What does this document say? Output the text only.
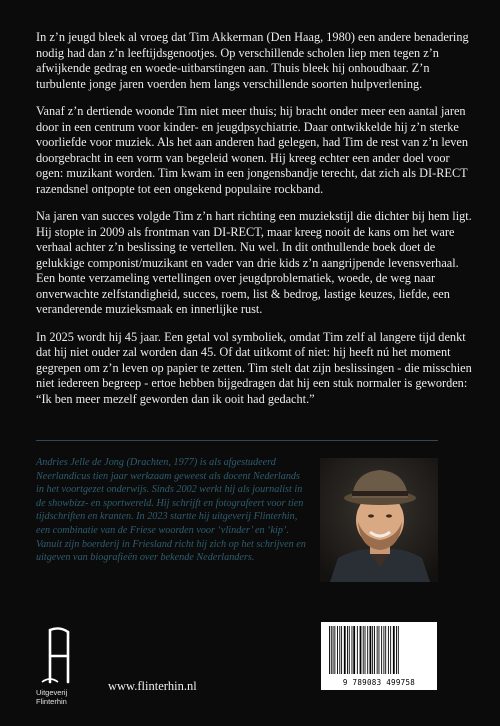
In z’n jeugd bleek al vroeg dat Tim Akkerman (Den Haag, 1980) een andere benadering nodig had dan z’n leeftijdsgenootjes. Op verschillende scholen liep men tegen z’n afwijkende gedrag en woede-uitbarstingen aan. Thuis bleek hij onhoudbaar. Z’n turbulente jonge jaren voerden hem langs verschillende soorten hulpverlening.

Vanaf z’n dertiende woonde Tim niet meer thuis; hij bracht onder meer een aantal jaren door in een centrum voor kinder- en jeugdpsychiatrie. Daar ontwikkelde hij z’n sterke voorliefde voor muziek. Als het aan anderen had gelegen, had Tim de rest van z’n leven doorgebracht in een vorm van begeleid wonen. Hij kreeg echter een ander doel voor ogen: muzikant worden. Tim kwam in een jongensbandje terecht, dat zich als DI-RECT razendsnel ontpopte tot een ongekend populaire rockband.

Na jaren van succes volgde Tim z’n hart richting een muziekstijl die dichter bij hem ligt. Hij stopte in 2009 als frontman van DI-RECT, maar kreeg nooit de kans om het ware verhaal achter z’n beslissing te vertellen. Nu wel. In dit onthullende boek doet de gelukkige componist/muzikant en vader van drie kids z’n aangrijpende levensverhaal. Een bonte verzameling vertellingen over jeugdproblematiek, woede, de weg naar onverwachte zelfstandigheid, succes, roem, list & bedrog, lastige keuzes, liefde, een veranderende muzieksmaak en innerlijke rust.

In 2025 wordt hij 45 jaar. Een getal vol symboliek, omdat Tim zelf al langere tijd denkt dat hij niet ouder zal worden dan 45. Of dat uitkomt of niet: hij heeft nú het moment gegrepen om z’n leven op papier te zetten. Tim stelt dat zijn beslissingen - die misschien niet iedereen begreep - ertoe hebben bijgedragen dat hij een stuk normaler is geworden: “Ik ben meer mezelf geworden dan ik ooit had gedacht.”

Andries Jelle de Jong (Drachten, 1977) is als afgestudeerd Neerlandicus tien jaar werkzaam geweest als docent Nederlands in het voortgezet onderwijs. Sinds 2002 werkt hij als journalist in de showbizz- en sportwereld. Hij schrijft en fotografeert voor tien tijdschriften en kranten. In 2023 startte hij uitgeverij Flinterhin, een combinatie van de Friese woorden voor ‘vlinder’ en ‘kip’. Vanuit zijn boerderij in Friesland richt hij zich op het schrijven en uitgeven van biografieën over bekende Nederlanders.
Uitgeverij
Flinterhin
www.flinterhin.nl	9 789083 499758
